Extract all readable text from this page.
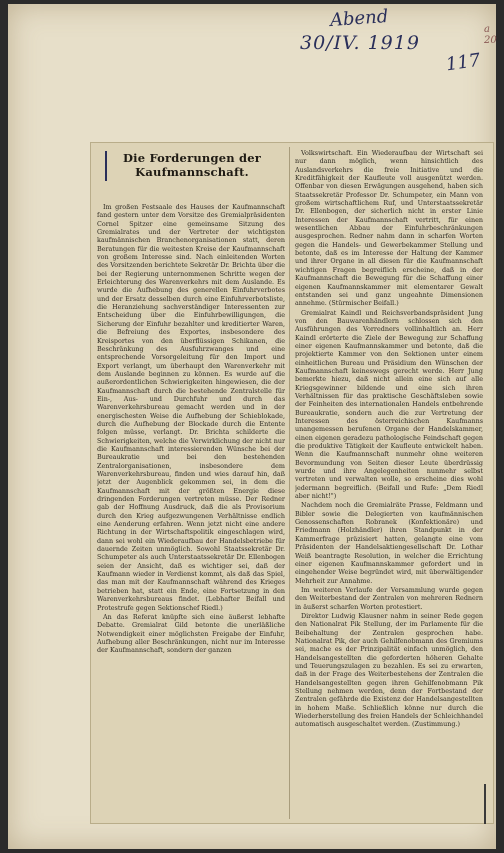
Abend
30/IV. 1919
117
a 20
Die Forderungen der Kaufmannschaft.

Im großen Festsaale des Hauses der Kaufmannschaft fand gestern unter dem Vorsitze des Gremialpräsidenten Cornel Spitzer eine gemeinsame Sitzung des Gremialrates und der Vertreter der wichtigsten kaufmännischen Branchenorganisationen statt, deren Beratungen für die weitesten Kreise der Kaufmannschaft von großem Interesse sind. Nach einleitenden Worten des Vorsitzenden berichtete Sekretär Dr. Brichta über die bei der Regierung unternommenen Schritte wegen der Erleichterung des Warenverkehrs mit dem Auslande. Es wurde die Aufhebung des generellen Einfuhrverbotes und der Ersatz desselben durch eine Einfuhrverbotsliste, die Heranziehung sachverständiger Interessenten zur Entscheidung über die Einfuhrbewilligungen, die Sicherung der Einfuhr bezahlter und kreditierter Waren, die Befreiung des Exportes, insbesondere des Kreisportes von den überflüssigen Schikanen, die Beschränkung des Ausfuhrzwanges und eine entsprechende Vorsorgeleitung für den Import und Export verlangt, um überhaupt den Warenverkehr mit dem Auslande beginnen zu können. Es wurde auf die außerordentlichen Schwierigkeiten hingewiesen, die der Kaufmannschaft durch die bestehende Zentralstelle für Ein-, Aus- und Durchfuhr und durch das Warenverkehrsbureau gemacht werden und in der energischesten Weise die Aufhebung der Schieblokade, durch die Aufhebung der Blockade durch die Entente folgen müsse, verlangt. Dr. Brichta schilderte die Schwierigkeiten, welche die Verwirklichung der nicht nur die Kaufmannschaft interessierenden Wünsche bei der Bureaukratie und bei den bestehenden Zentralorganisationen, insbesondere dem Warenverkehrsbureau, finden und wies darauf hin, daß jetzt der Augenblick gekommen sei, in dem die Kaufmannschaft mit der größten Energie diese dringenden Forderungen vertreten müsse. Der Redner gab der Hoffnung Ausdruck, daß die als Provisorium durch den Krieg aufgezwungenen Verhältnisse endlich eine Aenderung erfahren. Wenn jetzt nicht eine andere Richtung in der Wirtschaftspolitik eingeschlagen wird, dann sei wohl ein Wiederaufbau der Handelsbetriebe für dauernde Zeiten unmöglich. Sowohl Staatssekretär Dr. Schumpeter als auch Unterstaatssekretär Dr. Ellenbogen seien der Ansicht, daß es wichtiger sei, daß der Kaufmann wieder in Verdienst kommt, als daß das Spiel, das man mit der Kaufmannschaft während des Krieges betrieben hat, statt ein Ende, eine Fortsetzung in den Warenverkehrsbureaus findet. (Lebhafter Beifall und Protestrufe gegen Sektionschef Riedl.)

An das Referat knüpfte sich eine äußerst lebhafte Debatte. Gremialrat Gild betonte die unerläßliche Notwendigkeit einer möglichsten Freigabe der Einfuhr, Aufhebung aller Beschränkungen, nicht nur im Interesse der Kaufmannschaft, sondern der ganzen

Volkswirtschaft. Ein Wiederaufbau der Wirtschaft sei nur dann möglich, wenn hinsichtlich des Auslandsverkehrs die freie Initiative und die Kreditfähigkeit der Kaufleute voll ausgenützt werden. Offenbar von diesen Erwägungen ausgehend, haben sich Staatssekretär Professor Dr. Schumpeter, ein Mann von großem wirtschaftlichem Ruf, und Unterstaatssekretär Dr. Ellenbogen, der sicherlich nicht in erster Linie Interessen der Kaufmannschaft vertritt, für einen wesentlichen Abbau der Einfuhrbeschränkungen ausgesprochen. Redner nahm dann in scharfen Worten gegen die Handels- und Gewerbekammer Stellung und betonte, daß es im Interesse der Haltung der Kammer und ihrer Organe in all diesen für die Kaufmannschaft wichtigen Fragen begreiflich erscheine, daß in der Kaufmannschaft die Bewegung für die Schaffung einer eigenen Kaufmannskammer mit elementarer Gewalt entstanden sei und ganz ungeahnte Dimensionen annehme. (Stürmischer Beifall.)

Gremialrat Kaindl und Reichsverbandspräsident Jung von den Bauwarenhändlern schlossen sich den Ausführungen des Vorredners vollinhaltlich an. Herr Kaindl erörterte die Ziele der Bewegung zur Schaffung einer eigenen Kaufmannskammer und betonte, daß die projektierte Kammer von den Sektionen unter einem einheitlichen Bureau und Präsidium den Wünschen der Kaufmannschaft keineswegs gerecht werde. Herr Jung bemerkte hiezu, daß nicht allein eine sich auf alle Kriegsgewinner bildende und eine sich ihren Verhältnissen für das praktische Geschäftsleben sowie der Feinheiten des internationalen Handels entbehrende Bureaukratie, sondern auch die zur Vertretung der Interessen des österreichischen Kaufmanns unangemessen berufenen Organe der Handelskammer, einen eigenen geradezu pathologische Feindschaft gegen die produktive Tätigkeit der Kaufleute entwickelt haben. Wenn die Kaufmannschaft nunmehr ohne weiteren Bevormundung von Seiten dieser Leute überdrüssig wurde und ihre Angelegenheiten nunmehr selbst vertreten und verwalten wolle, so erscheine dies wohl jedermann begreiflich. (Beifall und Rufe: „Dem Riedl aber nicht!")

Nachdem noch die Gremialräte Prasse, Feldmann und Bibler sowie die Delegierten von kaufmännischen Genossenschaften Robranek (Konfektionäre) und Friedmann (Holzhändler) ihren Standpunkt in der Kammerfrage präzisiert hatten, gelangte eine vom Präsidenten der Handelsaktiengesellschaft Dr. Lothar Weiß beantragte Resolution, in welcher die Errichtung einer eigenen Kaufmannskammer gefordert und in eingehender Weise begründet wird, mit überwältigender Mehrheit zur Annahme.

Im weiteren Verlaufe der Versammlung wurde gegen den Weiterbestand der Zentralen von mehreren Rednern in äußerst scharfen Worten protestiert.

Direktor Ludwig Klausner nahm in seiner Rede gegen den Nationalrat Pik Stellung, der im Parlamente für die Beibehaltung der Zentralen gesprochen habe. Nationalrat Pik, der auch Gehilfenobmann des Gremiums sei, mache es der Prinzipalität einfach unmöglich, den Handelsangestellten die geforderten höheren Gehalte und Teuerungszulagen zu bezahlen. Es sei zu erwarten, daß in der Frage des Weiterbestehens der Zentralen die Handelsangestellten gegen ihren Gehilfenobmann Pik Stellung nehmen werden, denn der Fortbestand der Zentralen gefährde die Existenz der Handelsangestellten in hohem Maße. Schließlich könne nur durch die Wiederherstellung des freien Handels der Schleichhandel automatisch ausgeschaltet werden. (Zustimmung.)
